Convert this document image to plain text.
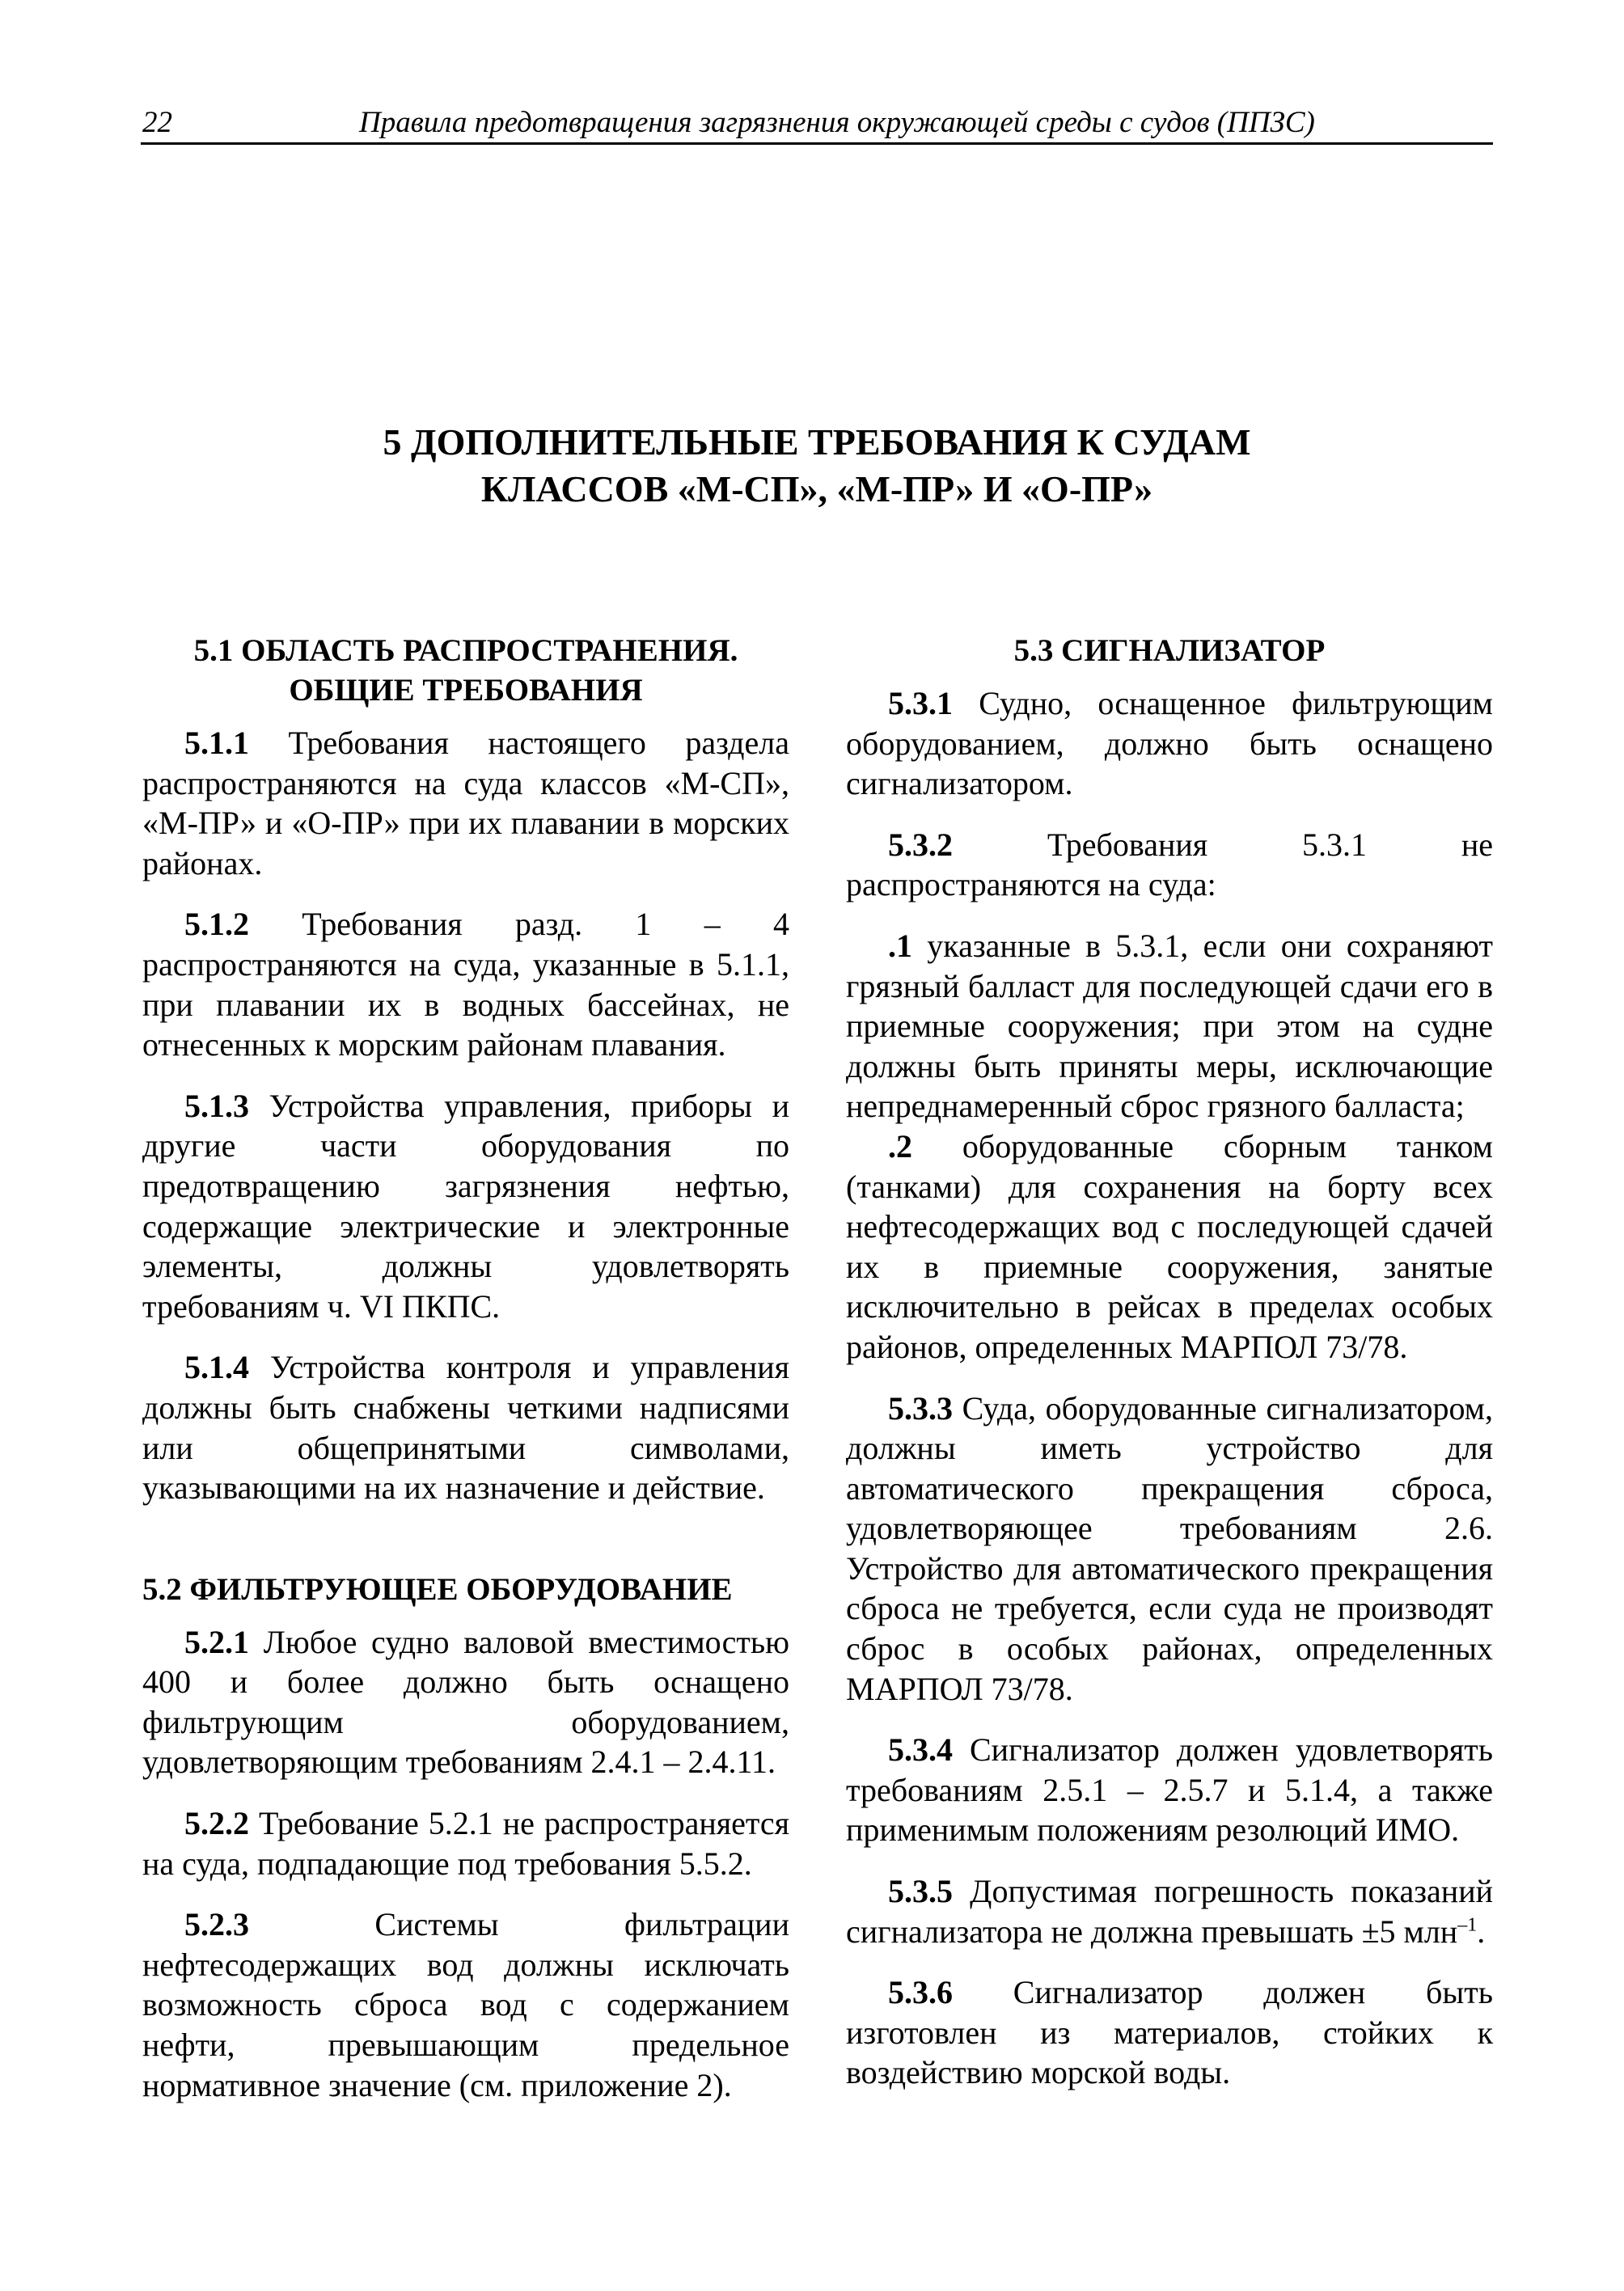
22	Правила предотвращения загрязнения окружающей среды с судов (ППЗС)
5 ДОПОЛНИТЕЛЬНЫЕ ТРЕБОВАНИЯ К СУДАМ
КЛАССОВ «М-СП», «М-ПР» И «О-ПР»
5.1 ОБЛАСТЬ РАСПРОСТРАНЕНИЯ.
ОБЩИЕ ТРЕБОВАНИЯ

5.1.1 Требования настоящего раздела распространяются на суда классов «М-СП», «М-ПР» и «О-ПР» при их плавании в морских районах.

5.1.2 Требования разд. 1 – 4 распространяются на суда, указанные в 5.1.1, при плавании их в водных бассейнах, не отнесенных к морским районам плавания.

5.1.3 Устройства управления, приборы и другие части оборудования по предотвращению загрязнения нефтью, содержащие электрические и электронные элементы, должны удовлетворять требованиям ч. VI ПКПС.

5.1.4 Устройства контроля и управления должны быть снабжены четкими надписями или общепринятыми символами, указывающими на их назначение и действие.

5.2 ФИЛЬТРУЮЩЕЕ ОБОРУДОВАНИЕ

5.2.1 Любое судно валовой вместимостью 400 и более должно быть оснащено фильтрующим оборудованием, удовлетворяющим требованиям 2.4.1 – 2.4.11.

5.2.2 Требование 5.2.1 не распространяется на суда, подпадающие под требования 5.5.2.

5.2.3 Системы фильтрации нефтесодержащих вод должны исключать возможность сброса вод с содержанием нефти, превышающим предельное нормативное значение (см. приложение 2).

5.3 СИГНАЛИЗАТОР

5.3.1 Судно, оснащенное фильтрующим оборудованием, должно быть оснащено сигнализатором.

5.3.2 Требования 5.3.1 не распространяются на суда:

.1 указанные в 5.3.1, если они сохраняют грязный балласт для последующей сдачи его в приемные сооружения; при этом на судне должны быть приняты меры, исключающие непреднамеренный сброс грязного балласта;

.2 оборудованные сборным танком (танками) для сохранения на борту всех нефтесодержащих вод с последующей сдачей их в приемные сооружения, занятые исключительно в рейсах в пределах особых районов, определенных МАРПОЛ 73/78.

5.3.3 Суда, оборудованные сигнализатором, должны иметь устройство для автоматического прекращения сброса, удовлетворяющее требованиям 2.6. Устройство для автоматического прекращения сброса не требуется, если суда не производят сброс в особых районах, определенных МАРПОЛ 73/78.

5.3.4 Сигнализатор должен удовлетворять требованиям 2.5.1 – 2.5.7 и 5.1.4, а также применимым положениям резолюций ИМО.

5.3.5 Допустимая погрешность показаний сигнализатора не должна превышать ±5 млн$^{-1}$.

5.3.6 Сигнализатор должен быть изготовлен из материалов, стойких к воздействию морской воды.
